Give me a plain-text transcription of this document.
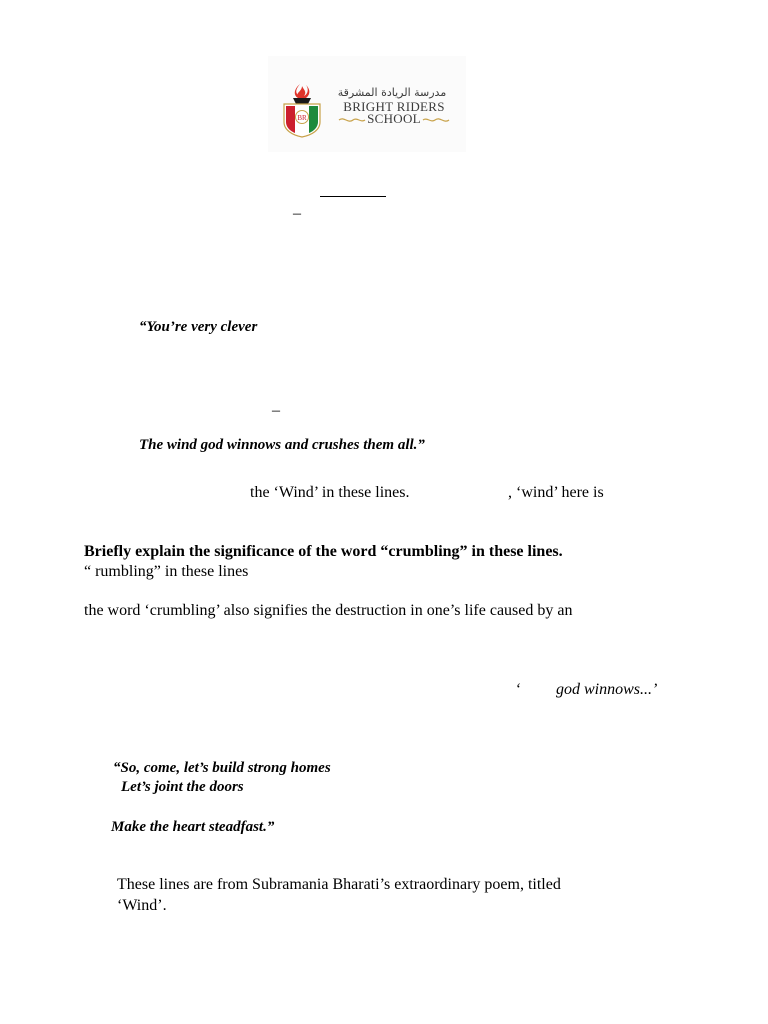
BR
مدرسة الريادة المشرقة
BRIGHT RIDERS
SCHOOL
–
“You’re very clever
–
The wind god winnows and crushes them all.”
the ‘Wind’ in these lines.	, ‘wind’ here is
Briefly explain the significance of the word “crumbling” in these lines.
“ rumbling” in these lines
the word ‘crumbling’ also signifies the destruction in one’s life caused by an
‘ god winnows...’
“So, come, let’s build strong homes
Let’s joint the doors
Make the heart steadfast.”
These lines are from Subramania Bharati’s extraordinary poem, titled
‘Wind’.
